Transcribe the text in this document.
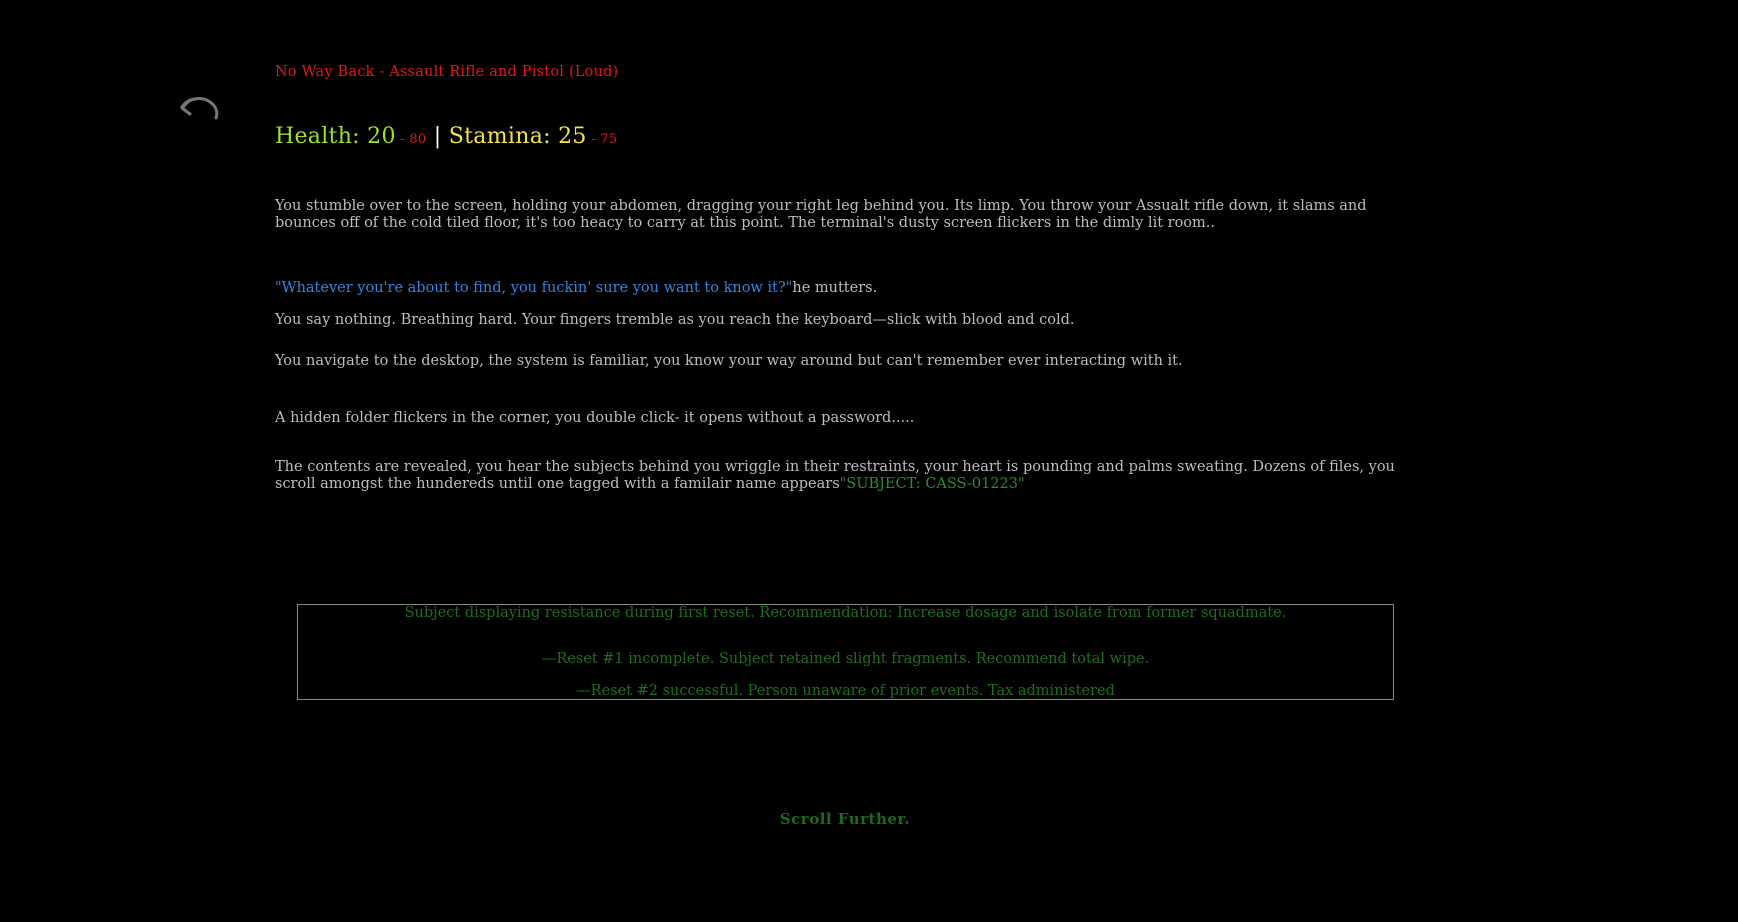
No Way Back - Assault Rifle and Pistol (Loud)

Health: 20 - 80 | Stamina: 25 - 75

You stumble over to the screen, holding your abdomen, dragging your right leg behind you. Its limp. You throw your Assualt rifle down, it slams and bounces off of the cold tiled floor, it's too heacy to carry at this point. The terminal's dusty screen flickers in the dimly lit room..

"Whatever you're about to find, you fuckin' sure you want to know it?"he mutters.

You say nothing. Breathing hard. Your fingers tremble as you reach the keyboard—slick with blood and cold.

You navigate to the desktop, the system is familiar, you know your way around but can't remember ever interacting with it.

A hidden folder flickers in the corner, you double click- it opens without a password.....

The contents are revealed, you hear the subjects behind you wriggle in their restraints, your heart is pounding and palms sweating. Dozens of files, you scroll amongst the hundereds until one tagged with a familair name appears"SUBJECT: CASS-01223"

Subject displaying resistance during first reset. Recommendation: Increase dosage and isolate from former squadmate.
—Reset #1 incomplete. Subject retained slight fragments. Recommend total wipe.
—Reset #2 successful. Person unaware of prior events. Tax administered
Scroll Further.
